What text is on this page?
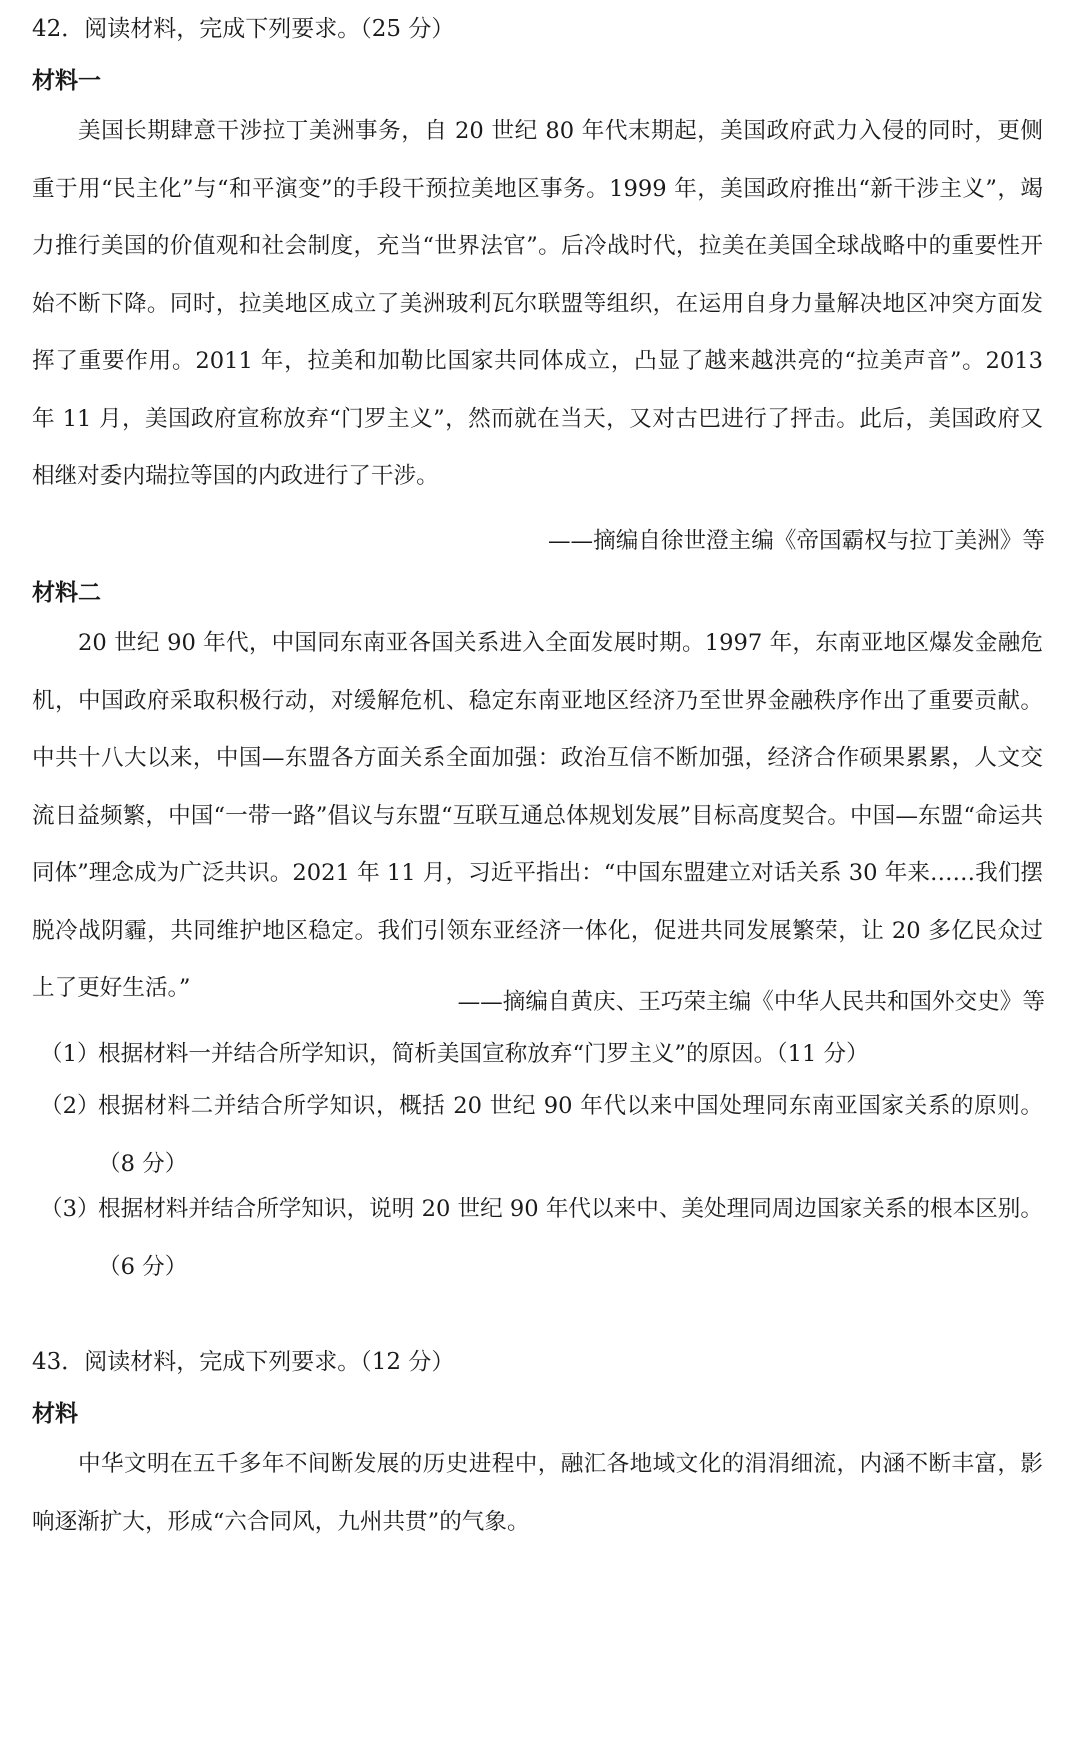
42．阅读材料，完成下列要求。（25 分）
材料一

美国长期肆意干涉拉丁美洲事务，自 20 世纪 80 年代末期起，美国政府武力入侵的同时，更侧重于用“民主化”与“和平演变”的手段干预拉美地区事务。1999 年，美国政府推出“新干涉主义”，竭力推行美国的价值观和社会制度，充当“世界法官”。后冷战时代，拉美在美国全球战略中的重要性开始不断下降。同时，拉美地区成立了美洲玻利瓦尔联盟等组织，在运用自身力量解决地区冲突方面发挥了重要作用。2011 年，拉美和加勒比国家共同体成立，凸显了越来越洪亮的“拉美声音”。2013 年 11 月，美国政府宣称放弃“门罗主义”，然而就在当天，又对古巴进行了抨击。此后，美国政府又相继对委内瑞拉等国的内政进行了干涉。

——摘编自徐世澄主编《帝国霸权与拉丁美洲》等
材料二

20 世纪 90 年代，中国同东南亚各国关系进入全面发展时期。1997 年，东南亚地区爆发金融危机，中国政府采取积极行动，对缓解危机、稳定东南亚地区经济乃至世界金融秩序作出了重要贡献。中共十八大以来，中国—东盟各方面关系全面加强：政治互信不断加强，经济合作硕果累累，人文交流日益频繁，中国“一带一路”倡议与东盟“互联互通总体规划发展”目标高度契合。中国—东盟“命运共同体”理念成为广泛共识。2021 年 11 月，习近平指出：“中国东盟建立对话关系 30 年来……我们摆脱冷战阴霾，共同维护地区稳定。我们引领东亚经济一体化，促进共同发展繁荣，让 20 多亿民众过上了更好生活。”

——摘编自黄庆、王巧荣主编《中华人民共和国外交史》等
（1）
根据材料一并结合所学知识，简析美国宣称放弃“门罗主义”的原因。（11 分）
（2）
根据材料二并结合所学知识，概括 20 世纪 90 年代以来中国处理同东南亚国家关系的原则。（8 分）
（3）
根据材料并结合所学知识，说明 20 世纪 90 年代以来中、美处理同周边国家关系的根本区别。（6 分）
43．阅读材料，完成下列要求。（12 分）
材料

中华文明在五千多年不间断发展的历史进程中，融汇各地域文化的涓涓细流，内涵不断丰富，影响逐渐扩大，形成“六合同风，九州共贯”的气象。
